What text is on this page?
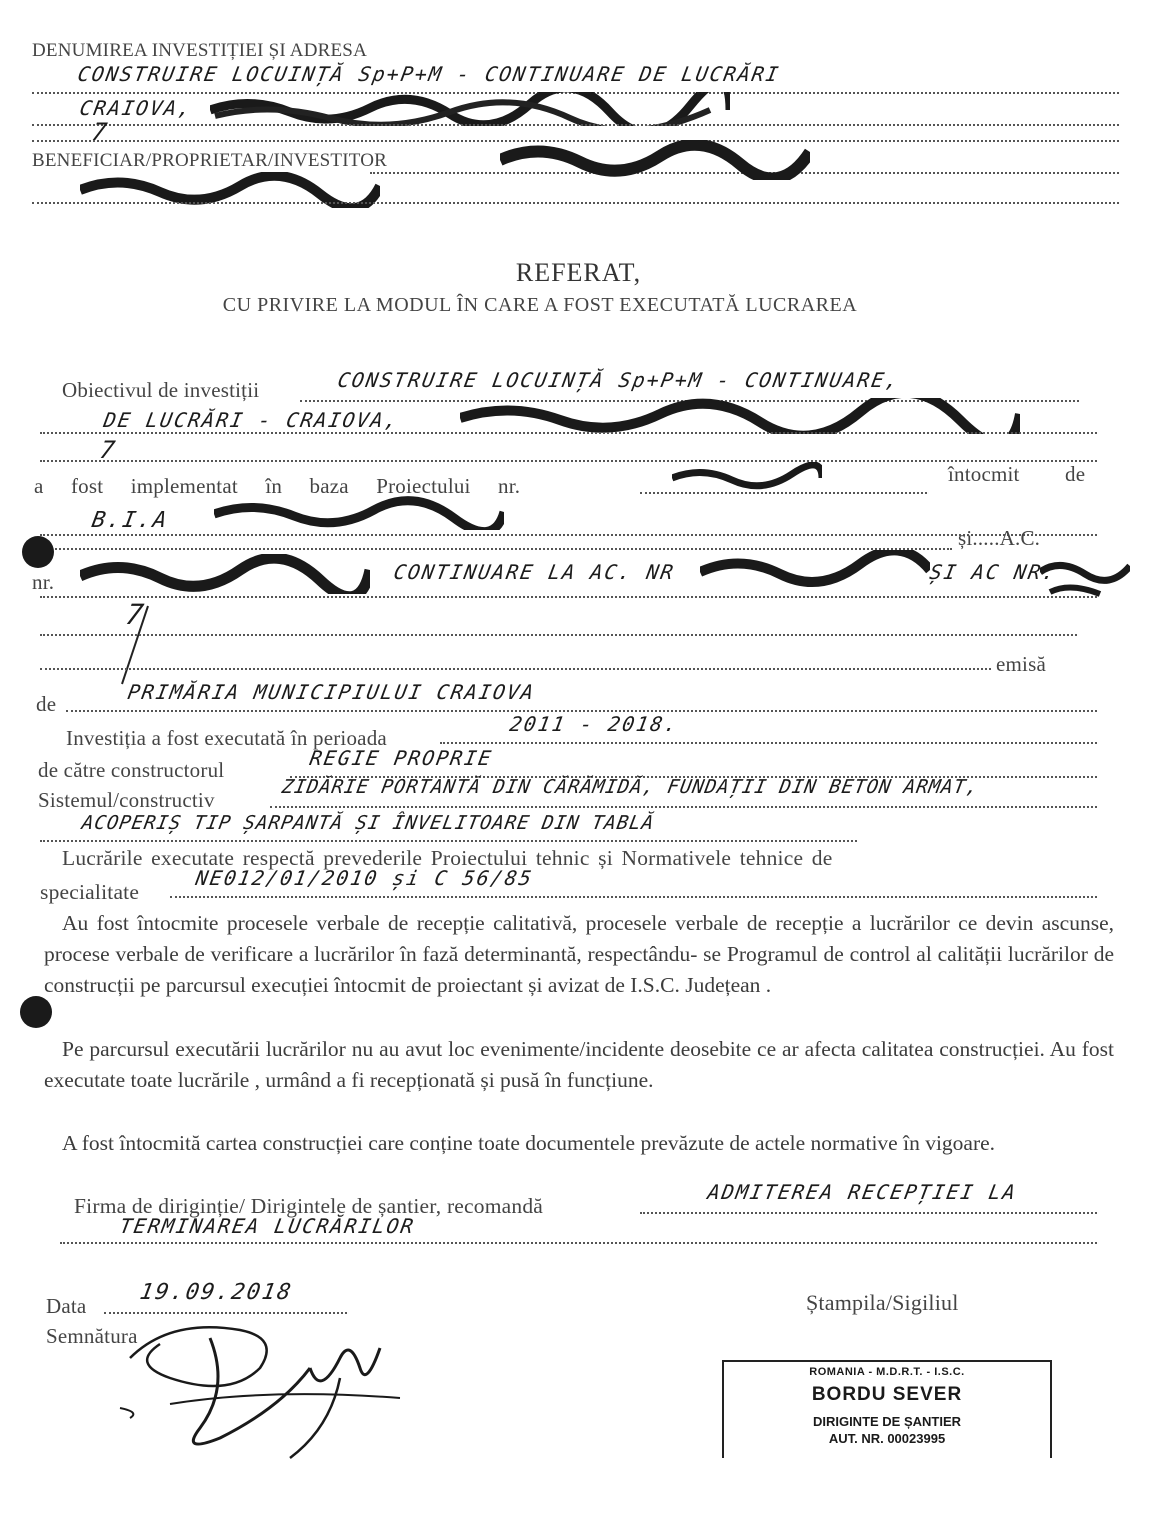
DENUMIREA INVESTIȚIEI ȘI ADRESA
CONSTRUIRE LOCUINȚĂ Sp+P+M - CONTINUARE DE LUCRĂRI
CRAIOVA,
7
BENEFICIAR/PROPRIETAR/INVESTITOR
REFERAT,
CU PRIVIRE LA MODUL ÎN CARE A FOST EXECUTATĂ LUCRAREA
Obiectivul de investiții	CONSTRUIRE LOCUINȚĂ Sp+P+M - CONTINUARE,
DE LUCRĂRI - CRAIOVA,
7
a fost implementat în baza Proiectului nr.	întocmit de
B.I.A
și.....A.C.
nr.	CONTINUARE LA AC. NR	ȘI AC NR.
7
emisă
de	PRIMĂRIA MUNICIPIULUI CRAIOVA
Investiția a fost executată în perioada
2011 - 2018.
de către constructorul	REGIE PROPRIE
Sistemul/constructiv
ZIDĂRIE PORTANTĂ DIN CĂRĂMIDĂ, FUNDAȚII DIN BETON ARMAT,
ACOPERIȘ TIP ȘARPANTĂ ȘI ÎNVELITOARE DIN TABLĂ
Lucrările executate respectă prevederile Proiectului tehnic și Normativele tehnice de
specialitate
NE012/01/2010 și C 56/85
Au fost întocmite procesele verbale de recepție calitativă, procesele verbale de recepție a lucrărilor ce devin ascunse, procese verbale de verificare a lucrărilor în fază determinantă, respectându- se Programul de control al calității lucrărilor de construcții pe parcursul execuției întocmit de proiectant și avizat de I.S.C. Județean .
Pe parcursul executării lucrărilor nu au avut loc evenimente/incidente deosebite ce ar afecta calitatea construcției. Au fost executate toate lucrările , urmând a fi recepționată și pusă în funcțiune.
A fost întocmită cartea construcției care conține toate documentele prevăzute de actele normative în vigoare.
Firma de diriginție/ Dirigintele de șantier, recomandă
ADMITEREA RECEPȚIEI LA
TERMINAREA LUCRĂRILOR
Data
19.09.2018
Semnătura
Ștampila/Sigiliul
ROMANIA - M.D.R.T. - I.S.C.
BORDU SEVER
DIRIGINTE DE ȘANTIER
AUT. NR. 00023995
